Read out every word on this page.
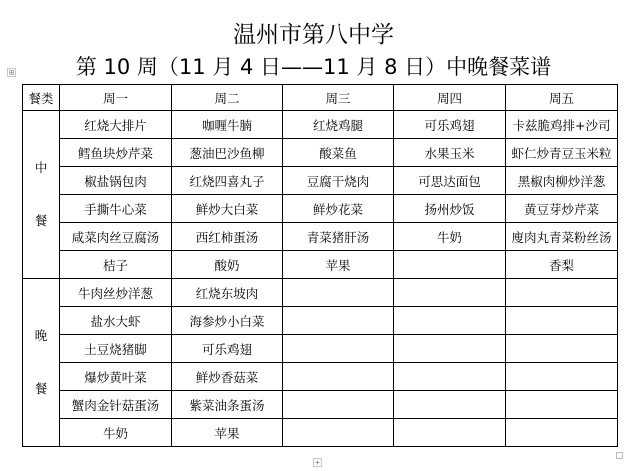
温州市第八中学
第 10 周（11 月 4 日——11 月 8 日）中晚餐菜谱
⊞
餐类	周一	周二	周三	周四	周五

中
餐	红烧大排片	咖喱牛腩	红烧鸡腿	可乐鸡翅	卡兹脆鸡排+沙司
	鳕鱼块炒芹菜	葱油巴沙鱼柳	酸菜鱼	水果玉米	虾仁炒青豆玉米粒
	椒盐锅包肉	红烧四喜丸子	豆腐干烧肉	可思达面包	黑椒肉柳炒洋葱
	手撕牛心菜	鲜炒大白菜	鲜炒花菜	扬州炒饭	黄豆芽炒芹菜
	咸菜肉丝豆腐汤	西红柿蛋汤	青菜猪肝汤	牛奶	廋肉丸青菜粉丝汤
	桔子	酸奶	苹果		香梨

晚
餐	牛肉丝炒洋葱	红烧东坡肉			
	盐水大虾	海参炒小白菜			
	土豆烧猪脚	可乐鸡翅			
	爆炒黄叶菜	鲜炒香菇菜			
	蟹肉金针菇蛋汤	紫菜油条蛋汤			
	牛奶	苹果			
+
